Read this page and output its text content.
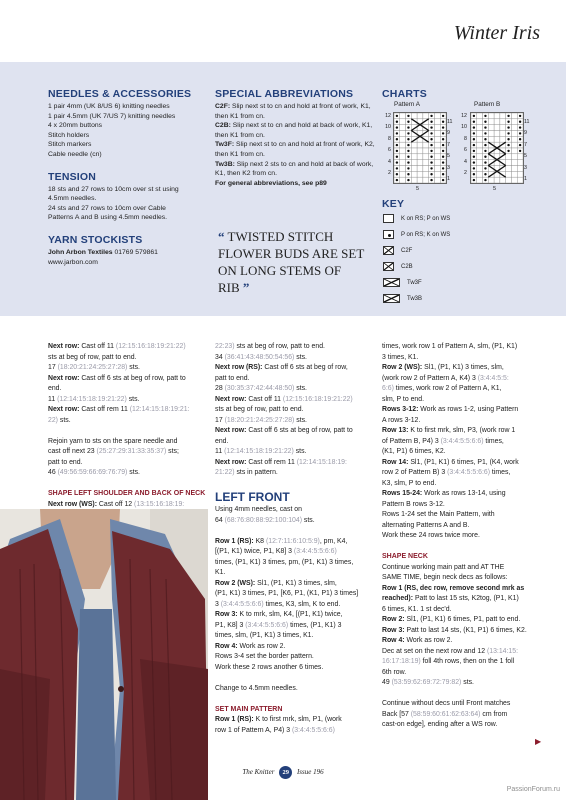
Winter Iris
NEEDLES & ACCESSORIES
1 pair 4mm (UK 8/US 6) knitting needles
1 pair 4.5mm (UK 7/US 7) knitting needles
4 x 20mm buttons
Stitch holders
Stitch markers
Cable needle (cn)
TENSION
18 sts and 27 rows to 10cm over st st using
4.5mm needles.
24 sts and 27 rows to 10cm over Cable
Patterns A and B using 4.5mm needles.
YARN STOCKISTS
John Arbon Textiles 01769 579861
www.jarbon.com
SPECIAL ABBREVIATIONS
C2F: Slip next st to cn and hold at front of work, K1, then K1 from cn.
C2B: Slip next st to cn and hold at back of work, K1, then K1 from cn.
Tw3F: Slip next st to cn and hold at front of work, K2, then K1 from cn.
Tw3B: Slip next 2 sts to cn and hold at back of work, K1, then K2 from cn.
For general abbreviations, see p89
“ TWISTED STITCH FLOWER BUDS ARE SET ON LONG STEMS OF RIB ”
CHARTS
Pattern A	Pattern B
12
10
8
6
4
2
11
9
7
5
3
1
12
10
8
6
4
2
11
9
7
5
3
1
5	5
KEY
K on RS; P on WS
P on RS; K on WS
C2F
C2B
Tw3F
Tw3B

Next row: Cast off 11 (12:15:16:18:19:21:22)

sts at beg of row, patt to end.

17 (18:20:21:24:25:27:28) sts.

Next row: Cast off 6 sts at beg of row, patt to

end.

11 (12:14:15:18:19:21:22) sts.

Next row: Cast off rem 11 (12:14:15:18:19:21:

22) sts.

Rejoin yarn to sts on the spare needle and

cast off next 23 (25:27:29:31:33:35:37) sts;

patt to end.

46 (49:56:59:66:69:76:79) sts.

SHAPE LEFT SHOULDER AND BACK OF NECK

Next row (WS): Cast off 12 (13:15:16:18:19:

22:23) sts at beg of row, patt to end.

34 (36:41:43:48:50:54:56) sts.

Next row (RS): Cast off 6 sts at beg of row,

patt to end.

28 (30:35:37:42:44:48:50) sts.

Next row: Cast off 11 (12:15:16:18:19:21:22)

sts at beg of row, patt to end.

17 (18:20:21:24:25:27:28) sts.

Next row: Cast off 6 sts at beg of row, patt to

end.

11 (12:14:15:18:19:21:22) sts.

Next row: Cast off rem 11 (12:14:15:18:19:

21:22) sts in pattern.

LEFT FRONT

Using 4mm needles, cast on

64 (68:76:80:88:92:100:104) sts.

Row 1 (RS): K8 (12:7:11:6:10:5:9), pm, K4,

[(P1, K1) twice, P1, K8] 3 (3:4:4:5:5:6:6)

times, (P1, K1) 3 times, pm, (P1, K1) 3 times,

K1.

Row 2 (WS): Sl1, (P1, K1) 3 times, slm,

(P1, K1) 3 times, P1, [K6, P1, (K1, P1) 3 times]

3 (3:4:4:5:5:6:6) times, K3, slm, K to end.

Row 3: K to mrk, slm, K4, [(P1, K1) twice,

P1, K8] 3 (3:4:4:5:5:6:6) times, (P1, K1) 3

times, slm, (P1, K1) 3 times, K1.

Row 4: Work as row 2.

Rows 3-4 set the border pattern.

Work these 2 rows another 6 times.

Change to 4.5mm needles.

SET MAIN PATTERN

Row 1 (RS): K to first mrk, slm, P1, (work

row 1 of Pattern A, P4) 3 (3:4:4:5:5:6:6)

times, work row 1 of Pattern A, slm, (P1, K1)

3 times, K1.

Row 2 (WS): Sl1, (P1, K1) 3 times, slm,

(work row 2 of Pattern A, K4) 3 (3:4:4:5:5:

6:6) times, work row 2 of Pattern A, K1,

slm, P to end.

Rows 3-12: Work as rows 1-2, using Pattern

A rows 3-12.

Row 13: K to first mrk, slm, P3, (work row 1

of Pattern B, P4) 3 (3:4:4:5:5:6:6) times,

(K1, P1) 6 times, K2.

Row 14: Sl1, (P1, K1) 6 times, P1, (K4, work

row 2 of Pattern B) 3 (3:4:4:5:5:6:6) times,

K3, slm, P to end.

Rows 15-24: Work as rows 13-14, using

Pattern B rows 3-12.

Rows 1-24 set the Main Pattern, with

alternating Patterns A and B.

Work these 24 rows twice more.

SHAPE NECK

Continue working main patt and AT THE

SAME TIME, begin neck decs as follows:

Row 1 (RS, dec row, remove second mrk as

reached): Patt to last 15 sts, K2tog, (P1, K1)

6 times, K1. 1 st dec'd.

Row 2: Sl1, (P1, K1) 6 times, P1, patt to end.

Row 3: Patt to last 14 sts, (K1, P1) 6 times, K2.

Row 4: Work as row 2.

Dec at set on the next row and 12 (13:14:15:

16:17:18:19) foll 4th rows, then on the 1 foll

6th row.

49 (53:59:62:69:72:79:82) sts.

Continue without decs until Front matches

Back [57 (58:59:60:61:62:63:64) cm from

cast-on edge], ending after a WS row.

▶
The Knitter 29 Issue 196
PassionForum.ru
